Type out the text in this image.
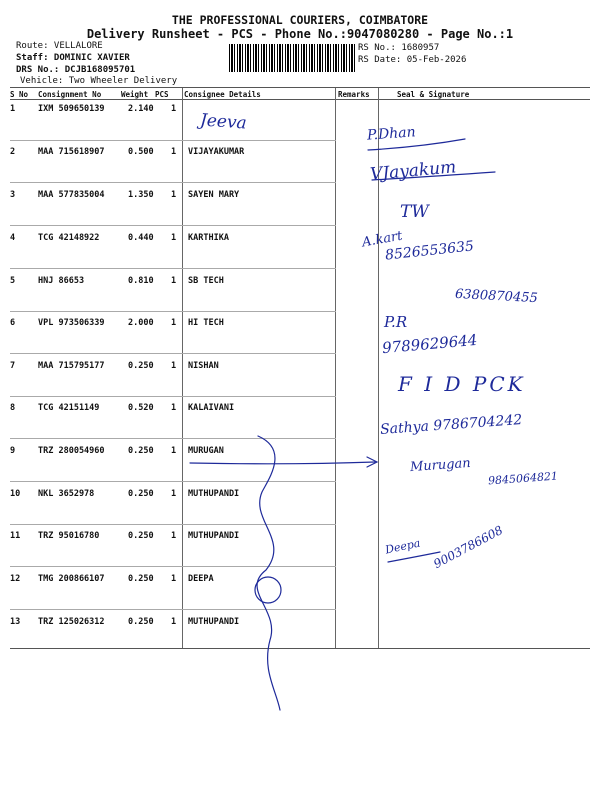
THE PROFESSIONAL COURIERS, COIMBATORE
Delivery Runsheet - PCS - Phone No.:9047080280 - Page No.:1
Route: VELLALORE
Staff: DOMINIC XAVIER
DRS No.: DCJB168095701
Vehicle: Two Wheeler Delivery
RS No.: 1680957
RS Date: 05-Feb-2026
S No Consignment No	Weight PCS Consignee Details	Remarks	Seal & Signature
1	IXM 509650139	2.140 1
2	MAA 715618907	0.500 1 VIJAYAKUMAR
3	MAA 577835004	1.350 1 SAYEN MARY
4	TCG 42148922	0.440 1 KARTHIKA
5	HNJ 86653	0.810 1 SB TECH
6	VPL 973506339	2.000 1 HI TECH
7	MAA 715795177	0.250 1 NISHAN
8	TCG 42151149	0.520 1 KALAIVANI
9	TRZ 280054960	0.250 1 MURUGAN
10 NKL 3652978	0.250 1 MUTHUPANDI
11 TRZ 95016780	0.250 1 MUTHUPANDI
12 TMG 200866107	0.250 1 DEEPA
13 TRZ 125026312	0.250 1 MUTHUPANDI
Jeeva
P.Dhan
VJayakum
TW
A.kart
8526553635
6380870455
P.R
9789629644
F I D PCK
Sathya 9786704242
Murugan
9845064821
Deepa 9003786608
